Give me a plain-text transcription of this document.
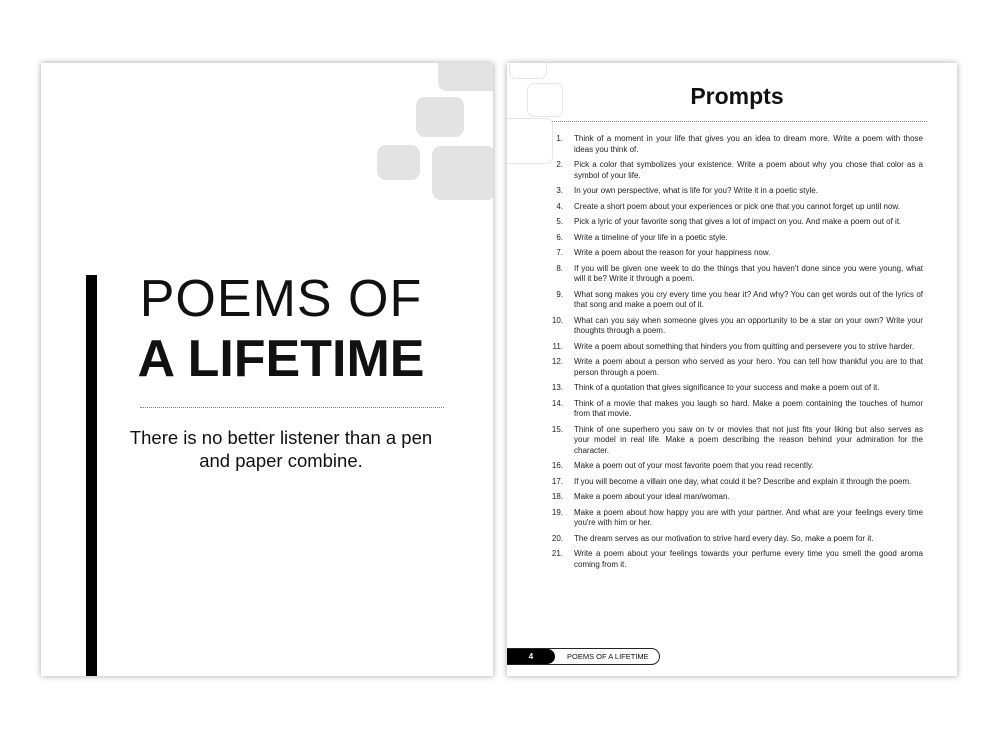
POEMS OF
A LIFETIME
There is no better listener than a pen and paper combine.
Prompts
1.	Think of a moment in your life that gives you an idea to dream more. Write a poem with those ideas you think of.
2.	Pick a color that symbolizes your existence. Write a poem about why you chose that color as a symbol of your life.
3.	In your own perspective, what is life for you? Write it in a poetic style.
4.	Create a short poem about your experiences or pick one that you cannot forget up until now.
5.	Pick a lyric of your favorite song that gives a lot of impact on you. And make a poem out of it.
6.	Write a timeline of your life in a poetic style.
7.	Write a poem about the reason for your happiness now.
8.	If you will be given one week to do the things that you haven't done since you were young, what will it be? Write it through a poem.
9.	What song makes you cry every time you hear it? And why? You can get words out of the lyrics of that song and make a poem out of it.
10.	What can you say when someone gives you an opportunity to be a star on your own? Write your thoughts through a poem.
11.	Write a poem about something that hinders you from quitting and persevere you to strive harder.
12.	Write a poem about a person who served as your hero. You can tell how thankful you are to that person through a poem.
13.	Think of a quotation that gives significance to your success and make a poem out of it.
14.	Think of a movie that makes you laugh so hard. Make a poem containing the touches of humor from that movie.
15.	Think of one superhero you saw on tv or movies that not just fits your liking but also serves as your model in real life. Make a poem describing the reason behind your admiration for the character.
16.	Make a poem out of your most favorite poem that you read recently.
17.	If you will become a villain one day, what could it be? Describe and explain it through the poem.
18.	Make a poem about your ideal man/woman.
19.	Make a poem about how happy you are with your partner. And what are your feelings every time you're with him or her.
20.	The dream serves as our motivation to strive hard every day. So, make a poem for it.
21.	Write a poem about your feelings towards your perfume every time you smell the good aroma coming from it.
4	POEMS OF A LIFETIME
